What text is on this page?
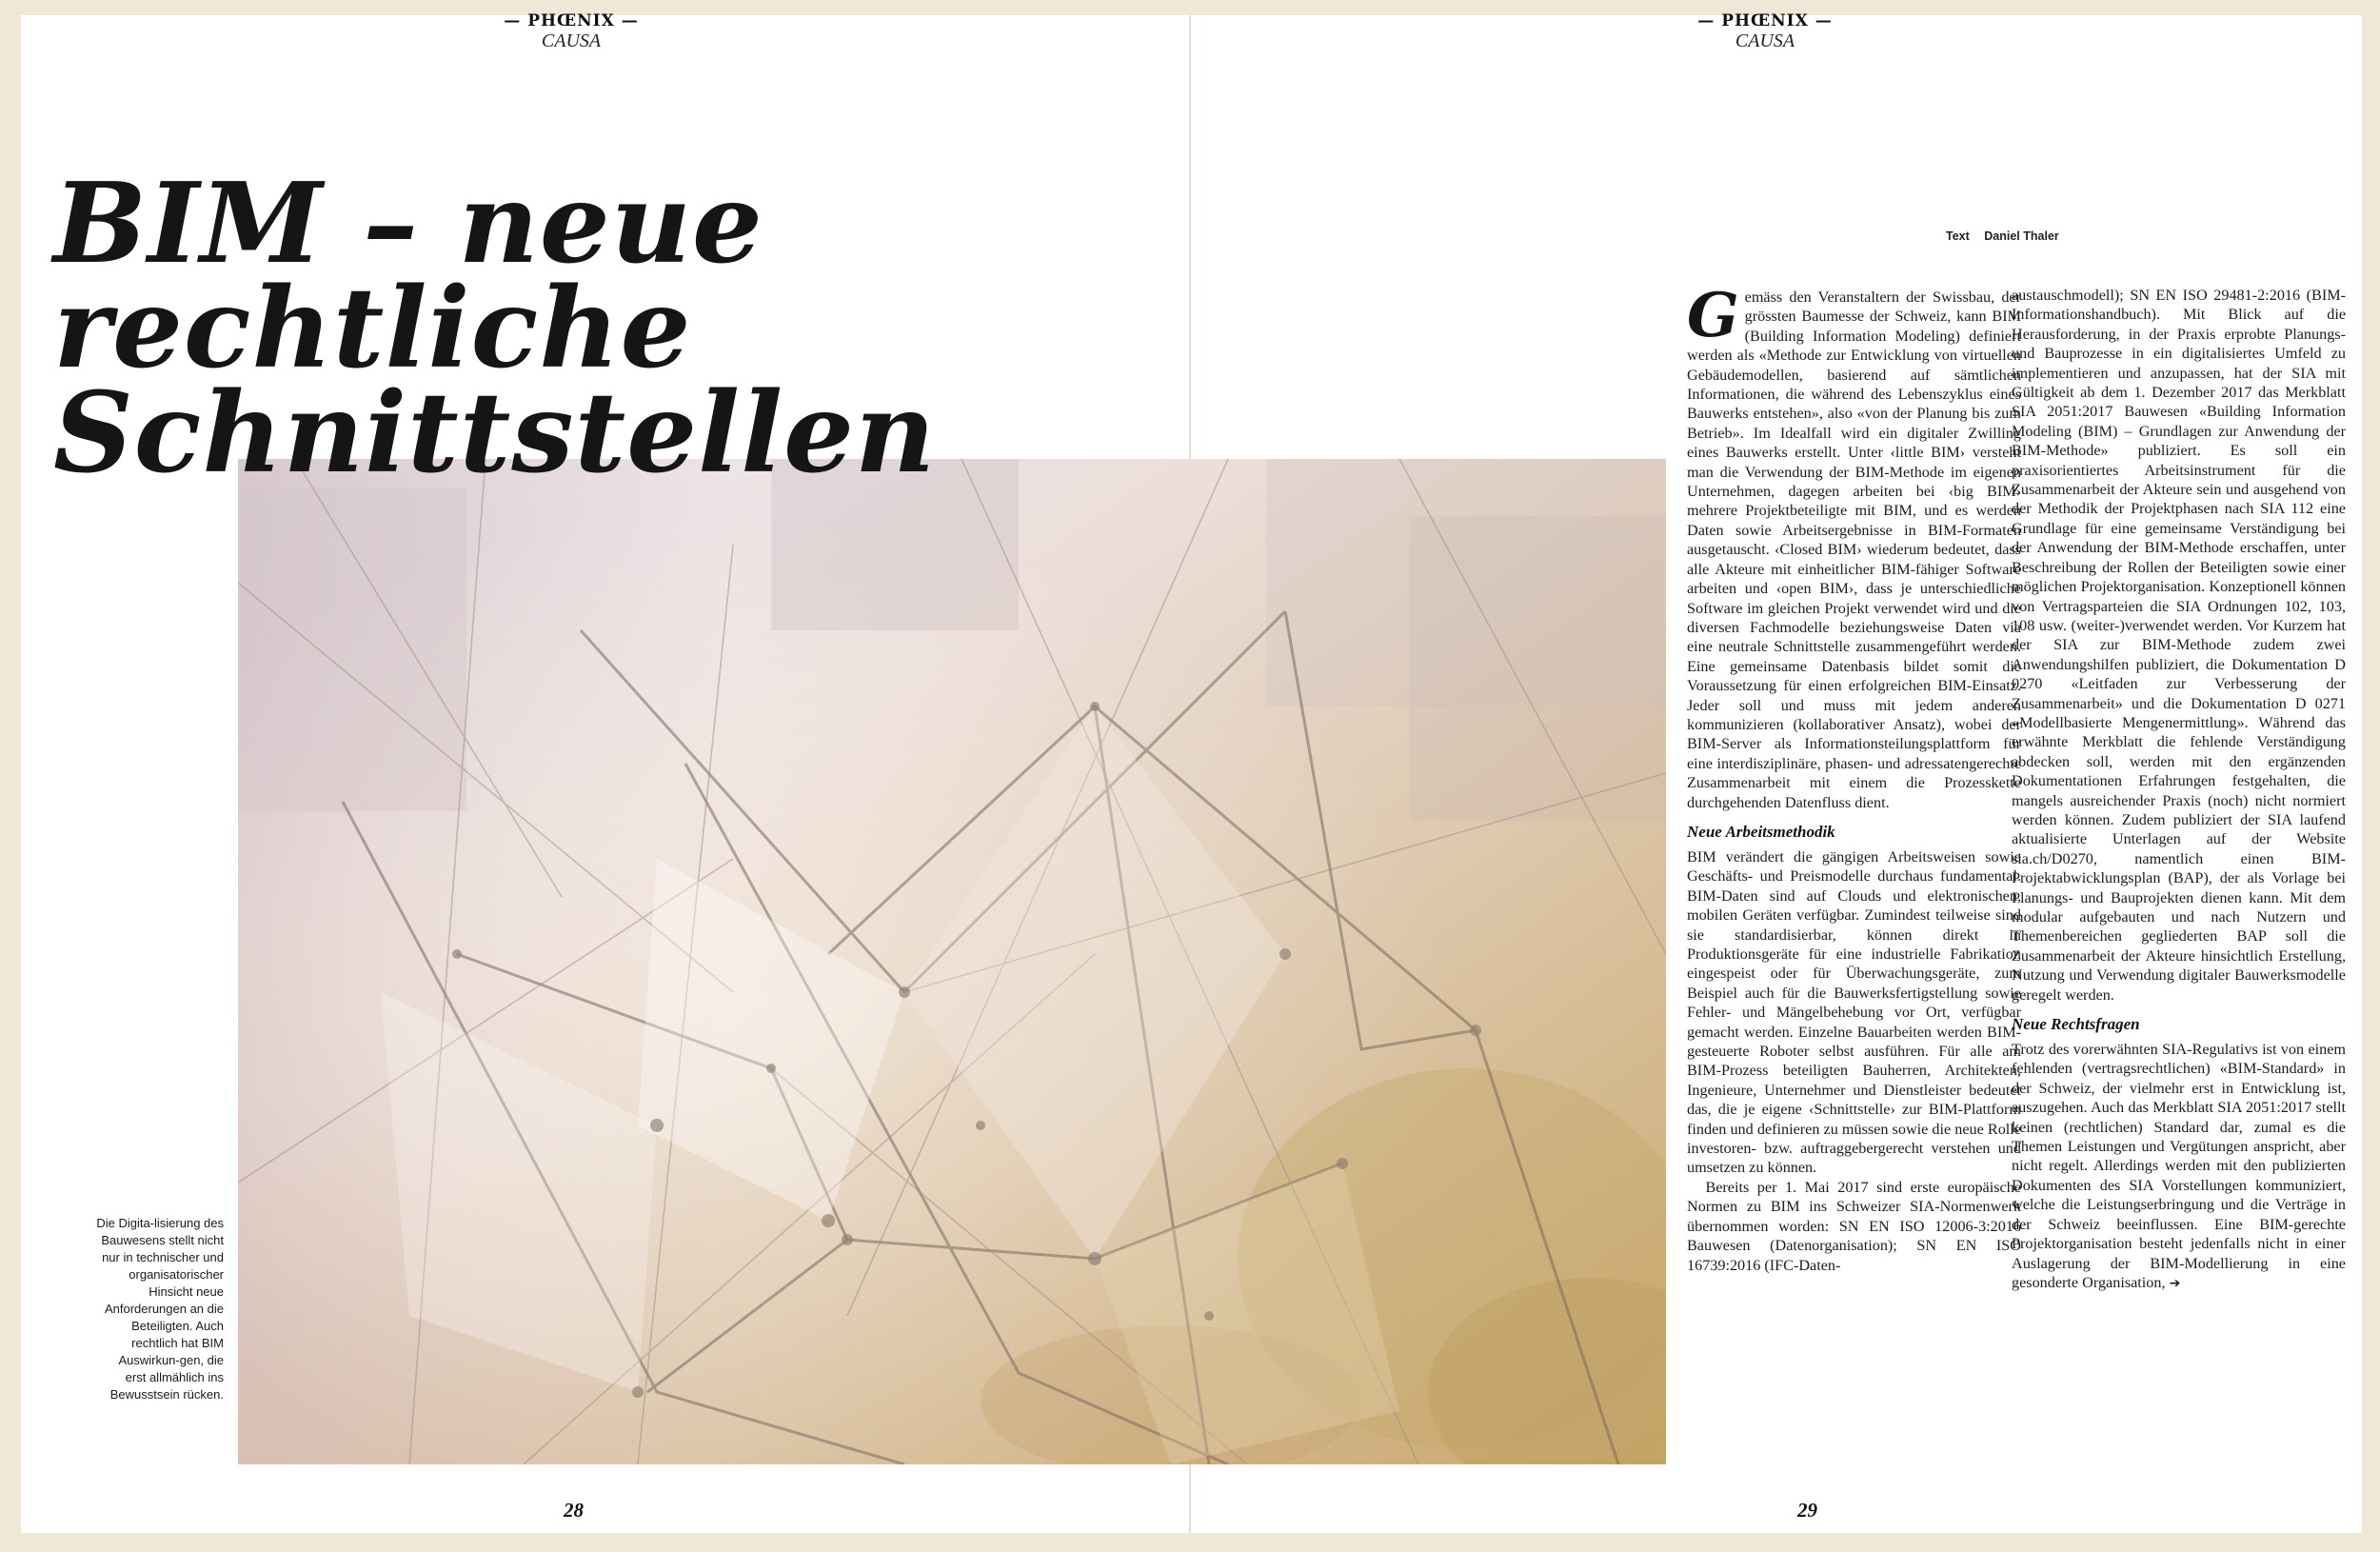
— PHŒNIX —
CAUSA
— PHŒNIX —
CAUSA
BIM – neue
rechtliche
Schnittstellen
Die Digita-lisierung des Bauwesens stellt nicht nur in technischer und organisatorischer Hinsicht neue Anforderungen an die Beteiligten. Auch rechtlich hat BIM Auswirkun-gen, die erst allmählich ins Bewusstsein rücken.
28	29
Text Daniel Thaler

Gemäss den Veranstaltern der Swissbau, der grössten Baumesse der Schweiz, kann BIM (Building Information Modeling) definiert werden als «Methode zur Entwicklung von virtuellen Gebäudemodellen, basierend auf sämtlichen Informationen, die während des Lebenszyklus eines Bauwerks entstehen», also «von der Planung bis zum Betrieb». Im Idealfall wird ein digitaler Zwilling eines Bauwerks erstellt. Unter ‹little BIM› versteht man die Verwendung der BIM-Methode im eigenen Unternehmen, dagegen arbeiten bei ‹big BIM› mehrere Projektbeteiligte mit BIM, und es werden Daten sowie Arbeitsergebnisse in BIM-Formaten ausgetauscht. ‹Closed BIM› wiederum bedeutet, dass alle Akteure mit einheitlicher BIM-fähiger Software arbeiten und ‹open BIM›, dass je unterschiedliche Software im gleichen Projekt verwendet wird und die diversen Fachmodelle beziehungsweise Daten via eine neutrale Schnittstelle zusammengeführt werden. Eine gemeinsame Datenbasis bildet somit die Voraussetzung für einen erfolgreichen BIM-Einsatz. Jeder soll und muss mit jedem anderen kommunizieren (kollaborativer Ansatz), wobei der BIM-Server als Informationsteilungsplattform für eine interdisziplinäre, phasen- und adressatengerechte Zusammenarbeit mit einem die Prozesskette durchgehenden Datenfluss dient.

Neue Arbeitsmethodik

BIM verändert die gängigen Arbeitsweisen sowie Geschäfts- und Preismodelle durchaus fundamental. BIM-Daten sind auf Clouds und elektronischen, mobilen Geräten verfügbar. Zumindest teilweise sind sie standardisierbar, können direkt in Produktionsgeräte für eine industrielle Fabrikation eingespeist oder für Überwachungsgeräte, zum Beispiel auch für die Bauwerksfertigstellung sowie Fehler- und Mängelbehebung vor Ort, verfügbar gemacht werden. Einzelne Bauarbeiten werden BIM-gesteuerte Roboter selbst ausführen. Für alle am BIM-Prozess beteiligten Bauherren, Architekten, Ingenieure, Unternehmer und Dienstleister bedeutet das, die je eigene ‹Schnittstelle› zur BIM-Plattform finden und definieren zu müssen sowie die neue Rolle investoren- bzw. auftraggebergerecht verstehen und umsetzen zu können.

Bereits per 1. Mai 2017 sind erste europäische Normen zu BIM ins Schweizer SIA-Normenwerk übernommen worden: SN EN ISO 12006-3:2016 Bauwesen (Datenorganisation); SN EN ISO 16739:2016 (IFC-Daten-

austauschmodell); SN EN ISO 29481-2:2016 (BIM-Informationshandbuch). Mit Blick auf die Herausforderung, in der Praxis erprobte Planungs- und Bauprozesse in ein digitalisiertes Umfeld zu implementieren und anzupassen, hat der SIA mit Gültigkeit ab dem 1. Dezember 2017 das Merkblatt SIA 2051:2017 Bauwesen «Building Information Modeling (BIM) – Grundlagen zur Anwendung der BIM-Methode» publiziert. Es soll ein praxisorientiertes Arbeitsinstrument für die Zusammenarbeit der Akteure sein und ausgehend von der Methodik der Projektphasen nach SIA 112 eine Grundlage für eine gemeinsame Verständigung bei der Anwendung der BIM-Methode erschaffen, unter Beschreibung der Rollen der Beteiligten sowie einer möglichen Projektorganisation. Konzeptionell können von Vertragsparteien die SIA Ordnungen 102, 103, 108 usw. (weiter-)verwendet werden. Vor Kurzem hat der SIA zur BIM-Methode zudem zwei Anwendungshilfen publiziert, die Dokumentation D 0270 «Leitfaden zur Verbesserung der Zusammenarbeit» und die Dokumentation D 0271 «Modellbasierte Mengenermittlung». Während das erwähnte Merkblatt die fehlende Verständigung abdecken soll, werden mit den ergänzenden Dokumentationen Erfahrungen festgehalten, die mangels ausreichender Praxis (noch) nicht normiert werden können. Zudem publiziert der SIA laufend aktualisierte Unterlagen auf der Website sia.ch/D0270, namentlich einen BIM-Projektabwicklungsplan (BAP), der als Vorlage bei Planungs- und Bauprojekten dienen kann. Mit dem modular aufgebauten und nach Nutzern und Themenbereichen gegliederten BAP soll die Zusammenarbeit der Akteure hinsichtlich Erstellung, Nutzung und Verwendung digitaler Bauwerksmodelle geregelt werden.

Neue Rechtsfragen

Trotz des vorerwähnten SIA-Regulativs ist von einem fehlenden (vertragsrechtlichen) «BIM-Standard» in der Schweiz, der vielmehr erst in Entwicklung ist, auszugehen. Auch das Merkblatt SIA 2051:2017 stellt keinen (rechtlichen) Standard dar, zumal es die Themen Leistungen und Vergütungen anspricht, aber nicht regelt. Allerdings werden mit den publizierten Dokumenten des SIA Vorstellungen kommuniziert, welche die Leistungserbringung und die Verträge in der Schweiz beeinflussen. Eine BIM-gerechte Projektorganisation besteht jedenfalls nicht in einer Auslagerung der BIM-Modellierung in eine gesonderte Organisation, ➔
